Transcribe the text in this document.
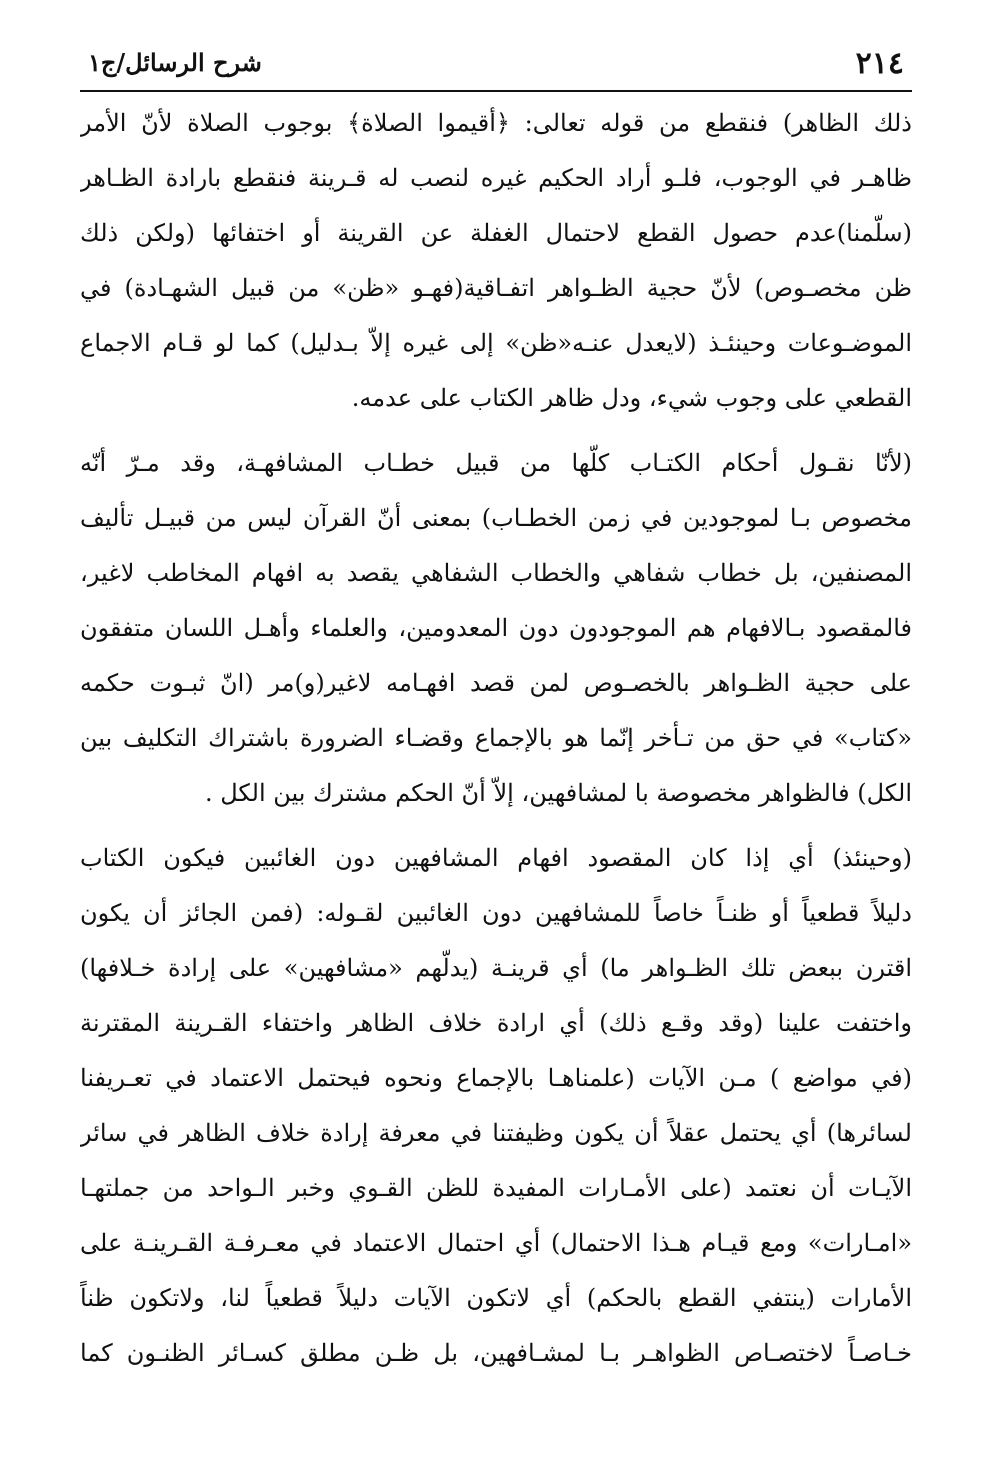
٢١٤
شرح الرسائل/ج١

ذلك الظاهر) فنقطع من قوله تعالى: ﴿أقيموا الصلاة﴾ بوجوب الصلاة لأنّ الأمر
ظاهـر في الوجوب، فلـو أراد الحكيم غيره لنصب له قـرينة فنقطع بارادة الظـاهر
(سلّمنا)عدم حصول القطع لاحتمال الغفلة عن القرينة أو اختفائها (ولكن ذلك
ظن مخصـوص) لأنّ حجية الظـواهر اتفـاقية(فهـو «ظن» من قبيل الشهـادة) في
الموضـوعات وحينئـذ (لايعدل عنـه«ظن» إلى غيره إلاّ بـدليل) كما لو قـام الاجماع
القطعي على وجوب شيء، ودل ظاهر الكتاب على عدمه.

(لأنّا نقـول أحكام الكتـاب كلّها من قبيل خطـاب المشافهـة، وقد مـرّ أنّه
مخصوص بـا لموجودين في زمن الخطـاب) بمعنى أنّ القرآن ليس من قبيـل تأليف
المصنفين، بل خطاب شفاهي والخطاب الشفاهي يقصد به افهام المخاطب لاغير،
فالمقصود بـالافهام هم الموجودون دون المعدومين، والعلماء وأهـل اللسان متفقون
على حجية الظـواهر بالخصـوص لمن قصد افهـامه لاغير(و)مر (انّ ثبـوت حكمه
«كتاب» في حق من تـأخر إنّما هو بالإجماع وقضـاء الضرورة باشتراك التكليف بين
الكل) فالظواهر مخصوصة با لمشافهين، إلاّ أنّ الحكم مشترك بين الكل .

(وحينئذ) أي إذا كان المقصود افهام المشافهين دون الغائبين فيكون الكتاب
دليلاً قطعياً أو ظنـاً خاصاً للمشافهين دون الغائبين لقـوله: (فمن الجائز أن يكون
اقترن ببعض تلك الظـواهر ما) أي قرينـة (يدلّهم «مشافهين» على إرادة خـلافها)
واختفت علينا (وقد وقـع ذلك) أي ارادة خلاف الظاهر واختفاء القـرينة المقترنة
(في مواضع ) مـن الآيات (علمناهـا بالإجماع ونحوه فيحتمل الاعتماد في تعـريفنا
لسائرها) أي يحتمل عقلاً أن يكون وظيفتنا في معرفة إرادة خلاف الظاهر في سائر
الآيـات أن نعتمد (على الأمـارات المفيدة للظن القـوي وخبر الـواحد من جملتهـا
«امـارات» ومع قيـام هـذا الاحتمال) أي احتمال الاعتماد في معـرفـة القـرينـة على
الأمارات (ينتفي القطع بالحكم) أي لاتكون الآيات دليلاً قطعياً لنا، ولاتكون ظناً
خـاصـاً لاختصـاص الظواهـر بـا لمشـافهين، بل ظـن مطلق كسـائر الظنـون كما
